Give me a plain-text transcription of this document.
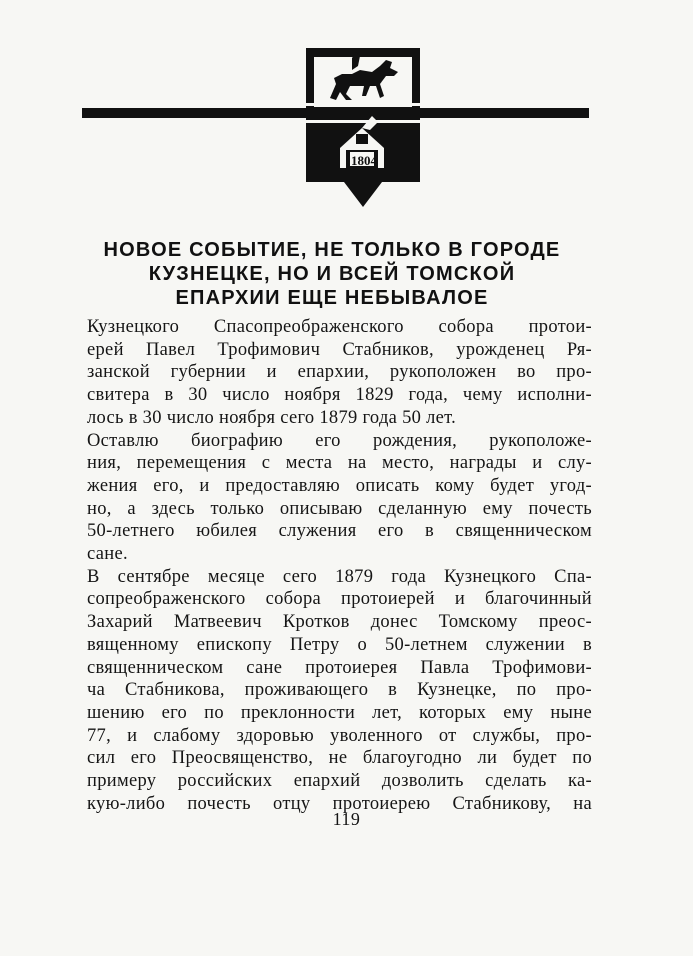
1804
НОВОЕ СОБЫТИЕ, НЕ ТОЛЬКО В ГОРОДЕ
КУЗНЕЦКЕ, НО И ВСЕЙ ТОМСКОЙ
ЕПАРХИИ ЕЩЕ НЕБЫВАЛОЕ
Кузнецкого Спасопреображенского собора протои-
ерей Павел Трофимович Стабников, урожденец Ря-
занской губернии и епархии, рукоположен во про-
свитера в 30 число ноября 1829 года, чему исполни-
лось в 30 число ноября сего 1879 года 50 лет.
Оставлю биографию его рождения, рукоположе-
ния, перемещения с места на место, награды и слу-
жения его, и предоставляю описать кому будет угод-
но, а здесь только описываю сделанную ему почесть
50-летнего юбилея служения его в священническом
сане.
В сентябре месяце сего 1879 года Кузнецкого Спа-
сопреображенского собора протоиерей и благочинный
Захарий Матвеевич Кротков донес Томскому преос-
вященному епископу Петру о 50-летнем служении в
священническом сане протоиерея Павла Трофимови-
ча Стабникова, проживающего в Кузнецке, по про-
шению его по преклонности лет, которых ему ныне
77, и слабому здоровью уволенного от службы, про-
сил его Преосвященство, не благоугодно ли будет по
примеру российских епархий дозволить сделать ка-
кую-либо почесть отцу протоиерею Стабникову, на
119
